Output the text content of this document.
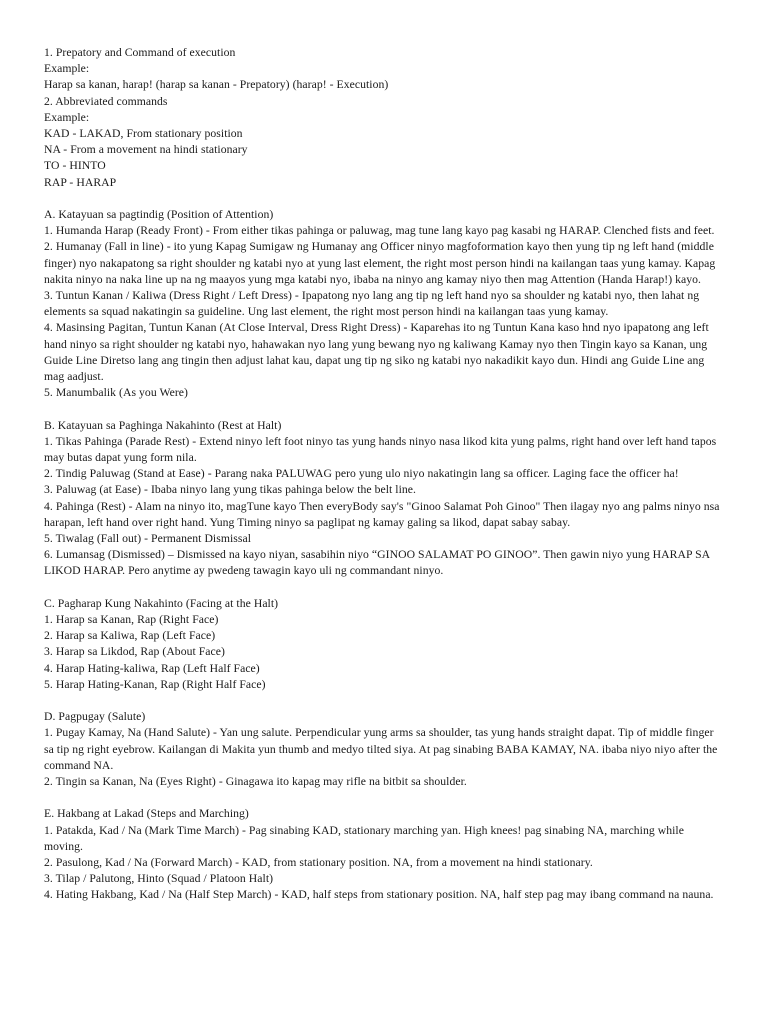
1. Prepatory and Command of execution
Example:
Harap sa kanan, harap! (harap sa kanan - Prepatory) (harap! - Execution)
2. Abbreviated commands
Example:
KAD - LAKAD, From stationary position
NA - From a movement na hindi stationary
TO - HINTO
RAP - HARAP
A. Katayuan sa pagtindig (Position of Attention)
1. Humanda Harap (Ready Front) - From either tikas pahinga or paluwag, mag tune lang kayo pag kasabi ng HARAP. Clenched fists and feet.
2. Humanay (Fall in line) - ito yung Kapag Sumigaw ng Humanay ang Officer ninyo magfoformation kayo then yung tip ng left hand (middle finger) nyo nakapatong sa right shoulder ng katabi nyo at yung last element, the right most person hindi na kailangan taas yung kamay. Kapag nakita ninyo na naka line up na ng maayos yung mga katabi nyo, ibaba na ninyo ang kamay niyo then mag Attention (Handa Harap!) kayo.
3. Tuntun Kanan / Kaliwa (Dress Right / Left Dress) - Ipapatong nyo lang ang tip ng left hand nyo sa shoulder ng katabi nyo, then lahat ng elements sa squad nakatingin sa guideline. Ung last element, the right most person hindi na kailangan taas yung kamay.
4. Masinsing Pagitan, Tuntun Kanan (At Close Interval, Dress Right Dress) - Kaparehas ito ng Tuntun Kana kaso hnd nyo ipapatong ang left hand ninyo sa right shoulder ng katabi nyo, hahawakan nyo lang yung bewang nyo ng kaliwang Kamay nyo then Tingin kayo sa Kanan, ung Guide Line Diretso lang ang tingin then adjust lahat kau, dapat ung tip ng siko ng katabi nyo nakadikit kayo dun. Hindi ang Guide Line ang mag aadjust.
5. Manumbalik (As you Were)
B. Katayuan sa Paghinga Nakahinto (Rest at Halt)
1. Tikas Pahinga (Parade Rest) - Extend ninyo left foot ninyo tas yung hands ninyo nasa likod kita yung palms, right hand over left hand tapos may butas dapat yung form nila.
2. Tindig Paluwag (Stand at Ease) - Parang naka PALUWAG pero yung ulo niyo nakatingin lang sa officer. Laging face the officer ha!
3. Paluwag (at Ease) - Ibaba ninyo lang yung tikas pahinga below the belt line.
4. Pahinga (Rest) - Alam na ninyo ito, magTune kayo Then everyBody say's "Ginoo Salamat Poh Ginoo" Then ilagay nyo ang palms ninyo nsa harapan, left hand over right hand. Yung Timing ninyo sa paglipat ng kamay galing sa likod, dapat sabay sabay.
5. Tiwalag (Fall out) - Permanent Dismissal
6. Lumansag (Dismissed) – Dismissed na kayo niyan, sasabihin niyo “GINOO SALAMAT PO GINOO”. Then gawin niyo yung HARAP SA LIKOD HARAP. Pero anytime ay pwedeng tawagin kayo uli ng commandant ninyo.
C. Pagharap Kung Nakahinto (Facing at the Halt)
1. Harap sa Kanan, Rap (Right Face)
2. Harap sa Kaliwa, Rap (Left Face)
3. Harap sa Likdod, Rap (About Face)
4. Harap Hating-kaliwa, Rap (Left Half Face)
5. Harap Hating-Kanan, Rap (Right Half Face)
D. Pagpugay (Salute)
1. Pugay Kamay, Na (Hand Salute) - Yan ung salute. Perpendicular yung arms sa shoulder, tas yung hands straight dapat. Tip of middle finger sa tip ng right eyebrow. Kailangan di Makita yun thumb and medyo tilted siya. At pag sinabing BABA KAMAY, NA. ibaba niyo niyo after the command NA.
2. Tingin sa Kanan, Na (Eyes Right) - Ginagawa ito kapag may rifle na bitbit sa shoulder.
E. Hakbang at Lakad (Steps and Marching)
1. Patakda, Kad / Na (Mark Time March) - Pag sinabing KAD, stationary marching yan. High knees! pag sinabing NA, marching while moving.
2. Pasulong, Kad / Na (Forward March) - KAD, from stationary position. NA, from a movement na hindi stationary.
3. Tilap / Palutong, Hinto (Squad / Platoon Halt)
4. Hating Hakbang, Kad / Na (Half Step March) - KAD, half steps from stationary position. NA, half step pag may ibang command na nauna.
